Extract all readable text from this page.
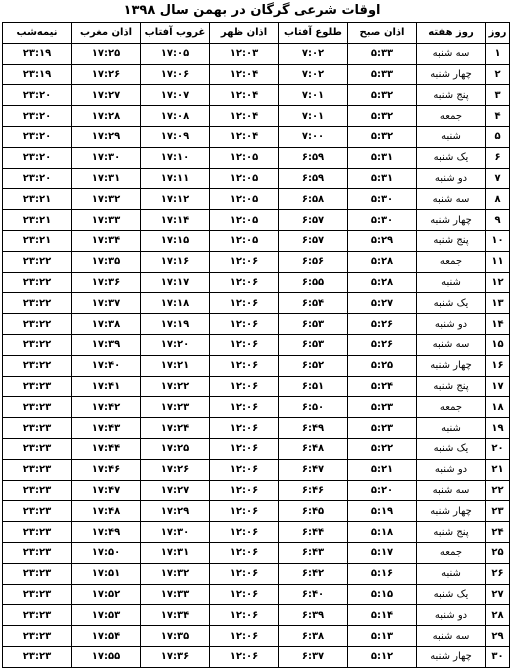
اوقات شرعی گرگان در بهمن سال ۱۳۹۸
روز	روز هفته	اذان صبح	طلوع آفتاب	اذان ظهر	غروب آفتاب	اذان مغرب	نیمه‌شب
۱	سه شنبه	۵:۳۳	۷:۰۲	۱۲:۰۳	۱۷:۰۵	۱۷:۲۵	۲۳:۱۹
۲	چهار شنبه	۵:۳۳	۷:۰۲	۱۲:۰۴	۱۷:۰۶	۱۷:۲۶	۲۳:۱۹
۳	پنج شنبه	۵:۳۲	۷:۰۱	۱۲:۰۴	۱۷:۰۷	۱۷:۲۷	۲۳:۲۰
۴	جمعه	۵:۳۲	۷:۰۱	۱۲:۰۴	۱۷:۰۸	۱۷:۲۸	۲۳:۲۰
۵	شنبه	۵:۳۲	۷:۰۰	۱۲:۰۴	۱۷:۰۹	۱۷:۲۹	۲۳:۲۰
۶	یک شنبه	۵:۳۱	۶:۵۹	۱۲:۰۵	۱۷:۱۰	۱۷:۳۰	۲۳:۲۰
۷	دو شنبه	۵:۳۱	۶:۵۹	۱۲:۰۵	۱۷:۱۱	۱۷:۳۱	۲۳:۲۰
۸	سه شنبه	۵:۳۰	۶:۵۸	۱۲:۰۵	۱۷:۱۲	۱۷:۳۲	۲۳:۲۱
۹	چهار شنبه	۵:۳۰	۶:۵۷	۱۲:۰۵	۱۷:۱۴	۱۷:۳۳	۲۳:۲۱
۱۰	پنج شنبه	۵:۲۹	۶:۵۷	۱۲:۰۵	۱۷:۱۵	۱۷:۳۴	۲۳:۲۱
۱۱	جمعه	۵:۲۸	۶:۵۶	۱۲:۰۶	۱۷:۱۶	۱۷:۳۵	۲۳:۲۲
۱۲	شنبه	۵:۲۸	۶:۵۵	۱۲:۰۶	۱۷:۱۷	۱۷:۳۶	۲۳:۲۲
۱۳	یک شنبه	۵:۲۷	۶:۵۴	۱۲:۰۶	۱۷:۱۸	۱۷:۳۷	۲۳:۲۲
۱۴	دو شنبه	۵:۲۶	۶:۵۳	۱۲:۰۶	۱۷:۱۹	۱۷:۳۸	۲۳:۲۲
۱۵	سه شنبه	۵:۲۶	۶:۵۳	۱۲:۰۶	۱۷:۲۰	۱۷:۳۹	۲۳:۲۲
۱۶	چهار شنبه	۵:۲۵	۶:۵۲	۱۲:۰۶	۱۷:۲۱	۱۷:۴۰	۲۳:۲۲
۱۷	پنج شنبه	۵:۲۴	۶:۵۱	۱۲:۰۶	۱۷:۲۲	۱۷:۴۱	۲۳:۲۳
۱۸	جمعه	۵:۲۳	۶:۵۰	۱۲:۰۶	۱۷:۲۳	۱۷:۴۲	۲۳:۲۳
۱۹	شنبه	۵:۲۳	۶:۴۹	۱۲:۰۶	۱۷:۲۴	۱۷:۴۳	۲۳:۲۳
۲۰	یک شنبه	۵:۲۲	۶:۴۸	۱۲:۰۶	۱۷:۲۵	۱۷:۴۴	۲۳:۲۳
۲۱	دو شنبه	۵:۲۱	۶:۴۷	۱۲:۰۶	۱۷:۲۶	۱۷:۴۶	۲۳:۲۳
۲۲	سه شنبه	۵:۲۰	۶:۴۶	۱۲:۰۶	۱۷:۲۷	۱۷:۴۷	۲۳:۲۳
۲۳	چهار شنبه	۵:۱۹	۶:۴۵	۱۲:۰۶	۱۷:۲۹	۱۷:۴۸	۲۳:۲۳
۲۴	پنج شنبه	۵:۱۸	۶:۴۴	۱۲:۰۶	۱۷:۳۰	۱۷:۴۹	۲۳:۲۳
۲۵	جمعه	۵:۱۷	۶:۴۳	۱۲:۰۶	۱۷:۳۱	۱۷:۵۰	۲۳:۲۳
۲۶	شنبه	۵:۱۶	۶:۴۲	۱۲:۰۶	۱۷:۳۲	۱۷:۵۱	۲۳:۲۳
۲۷	یک شنبه	۵:۱۵	۶:۴۰	۱۲:۰۶	۱۷:۳۳	۱۷:۵۲	۲۳:۲۳
۲۸	دو شنبه	۵:۱۴	۶:۳۹	۱۲:۰۶	۱۷:۳۴	۱۷:۵۳	۲۳:۲۳
۲۹	سه شنبه	۵:۱۳	۶:۳۸	۱۲:۰۶	۱۷:۳۵	۱۷:۵۴	۲۳:۲۳
۳۰	چهار شنبه	۵:۱۲	۶:۳۷	۱۲:۰۶	۱۷:۳۶	۱۷:۵۵	۲۳:۲۳
